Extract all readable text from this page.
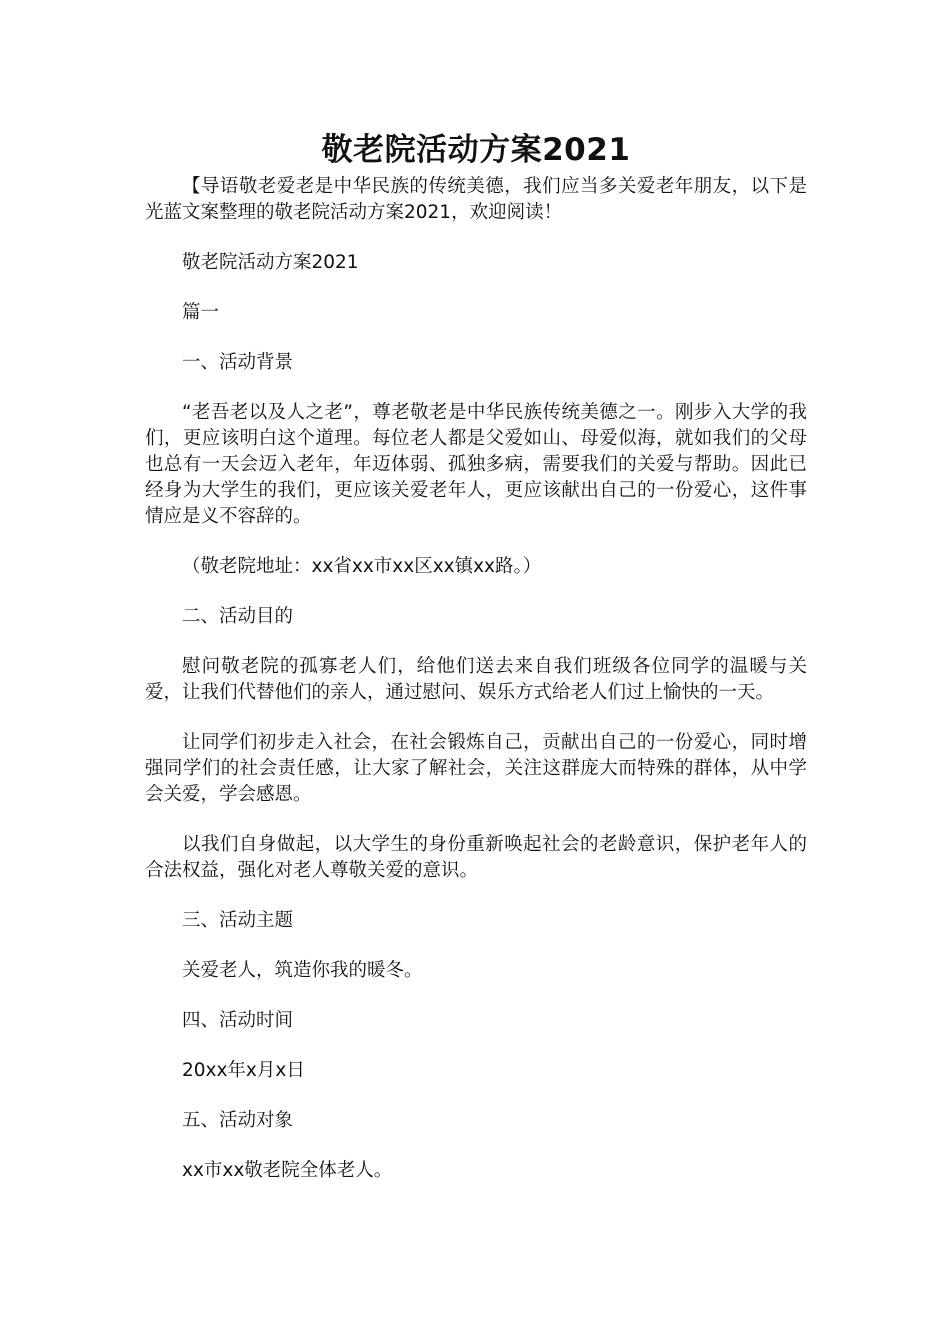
敬老院活动方案2021

【导语敬老爱老是中华民族的传统美德，我们应当多关爱老年朋友，以下是光蓝文案整理的敬老院活动方案2021，欢迎阅读！

敬老院活动方案2021

篇一

一、活动背景

“老吾老以及人之老”，尊老敬老是中华民族传统美德之一。刚步入大学的我们，更应该明白这个道理。每位老人都是父爱如山、母爱似海，就如我们的父母也总有一天会迈入老年，年迈体弱、孤独多病，需要我们的关爱与帮助。因此已经身为大学生的我们，更应该关爱老年人，更应该献出自己的一份爱心，这件事情应是义不容辞的。

（敬老院地址：xx省xx市xx区xx镇xx路。）

二、活动目的

慰问敬老院的孤寡老人们，给他们送去来自我们班级各位同学的温暖与关爱，让我们代替他们的亲人，通过慰问、娱乐方式给老人们过上愉快的一天。

让同学们初步走入社会，在社会锻炼自己，贡献出自己的一份爱心，同时增强同学们的社会责任感，让大家了解社会，关注这群庞大而特殊的群体，从中学会关爱，学会感恩。

以我们自身做起，以大学生的身份重新唤起社会的老龄意识，保护老年人的合法权益，强化对老人尊敬关爱的意识。

三、活动主题

关爱老人，筑造你我的暖冬。

四、活动时间

20xx年x月x日

五、活动对象

xx市xx敬老院全体老人。
